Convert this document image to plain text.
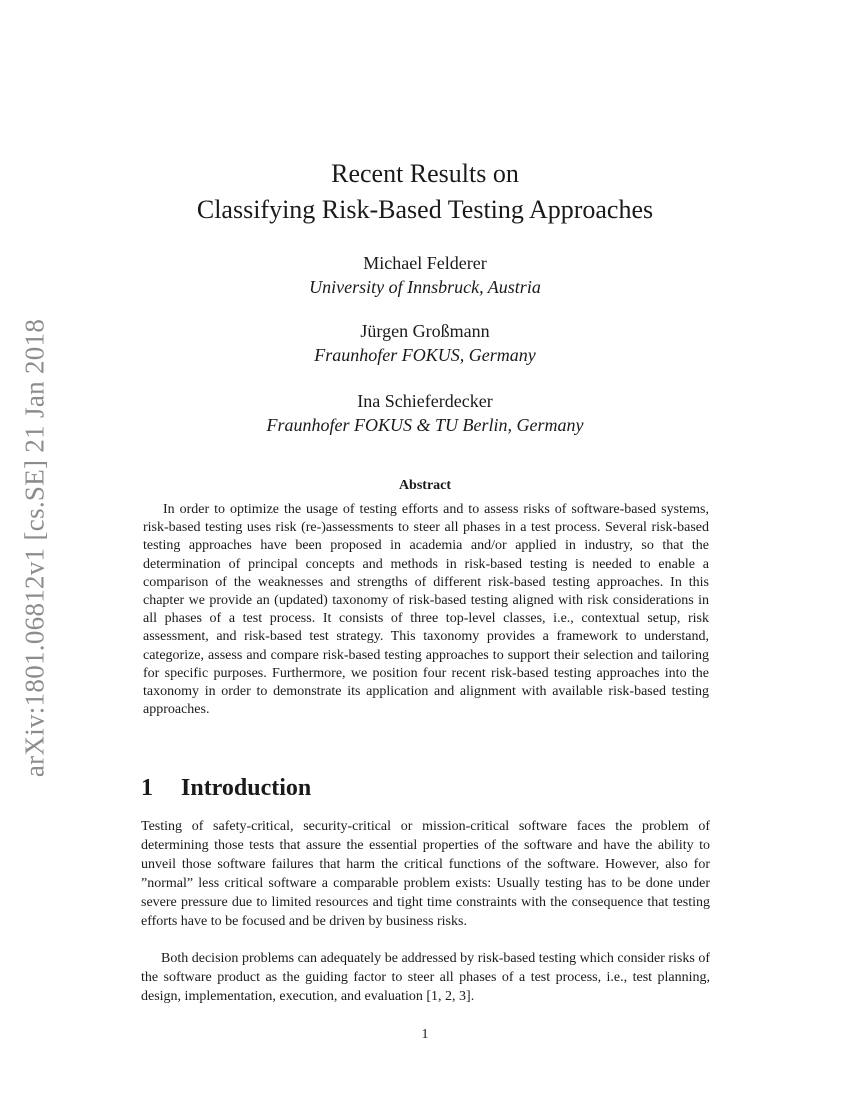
arXiv:1801.06812v1 [cs.SE] 21 Jan 2018
Recent Results on
Classifying Risk-Based Testing Approaches
Michael Felderer
University of Innsbruck, Austria
Jürgen Großmann
Fraunhofer FOKUS, Germany
Ina Schieferdecker
Fraunhofer FOKUS & TU Berlin, Germany
Abstract

In order to optimize the usage of testing efforts and to assess risks of software-based systems, risk-based testing uses risk (re-)assessments to steer all phases in a test process. Several risk-based testing approaches have been proposed in academia and/or applied in industry, so that the determination of principal concepts and methods in risk-based testing is needed to enable a comparison of the weaknesses and strengths of different risk-based testing approaches. In this chapter we provide an (updated) taxonomy of risk-based testing aligned with risk considerations in all phases of a test process. It consists of three top-level classes, i.e., contextual setup, risk assessment, and risk-based test strategy. This taxonomy provides a framework to understand, categorize, assess and compare risk-based testing approaches to support their selection and tailoring for specific purposes. Furthermore, we position four recent risk-based testing approaches into the taxonomy in order to demonstrate its application and alignment with available risk-based testing approaches.

1 Introduction

Testing of safety-critical, security-critical or mission-critical software faces the problem of determining those tests that assure the essential properties of the software and have the ability to unveil those software failures that harm the critical functions of the software. However, also for ”normal” less critical software a comparable problem exists: Usually testing has to be done under severe pressure due to limited resources and tight time constraints with the consequence that testing efforts have to be focused and be driven by business risks.

Both decision problems can adequately be addressed by risk-based testing which consider risks of the software product as the guiding factor to steer all phases of a test process, i.e., test planning, design, implementation, execution, and evaluation [1, 2, 3].

1
